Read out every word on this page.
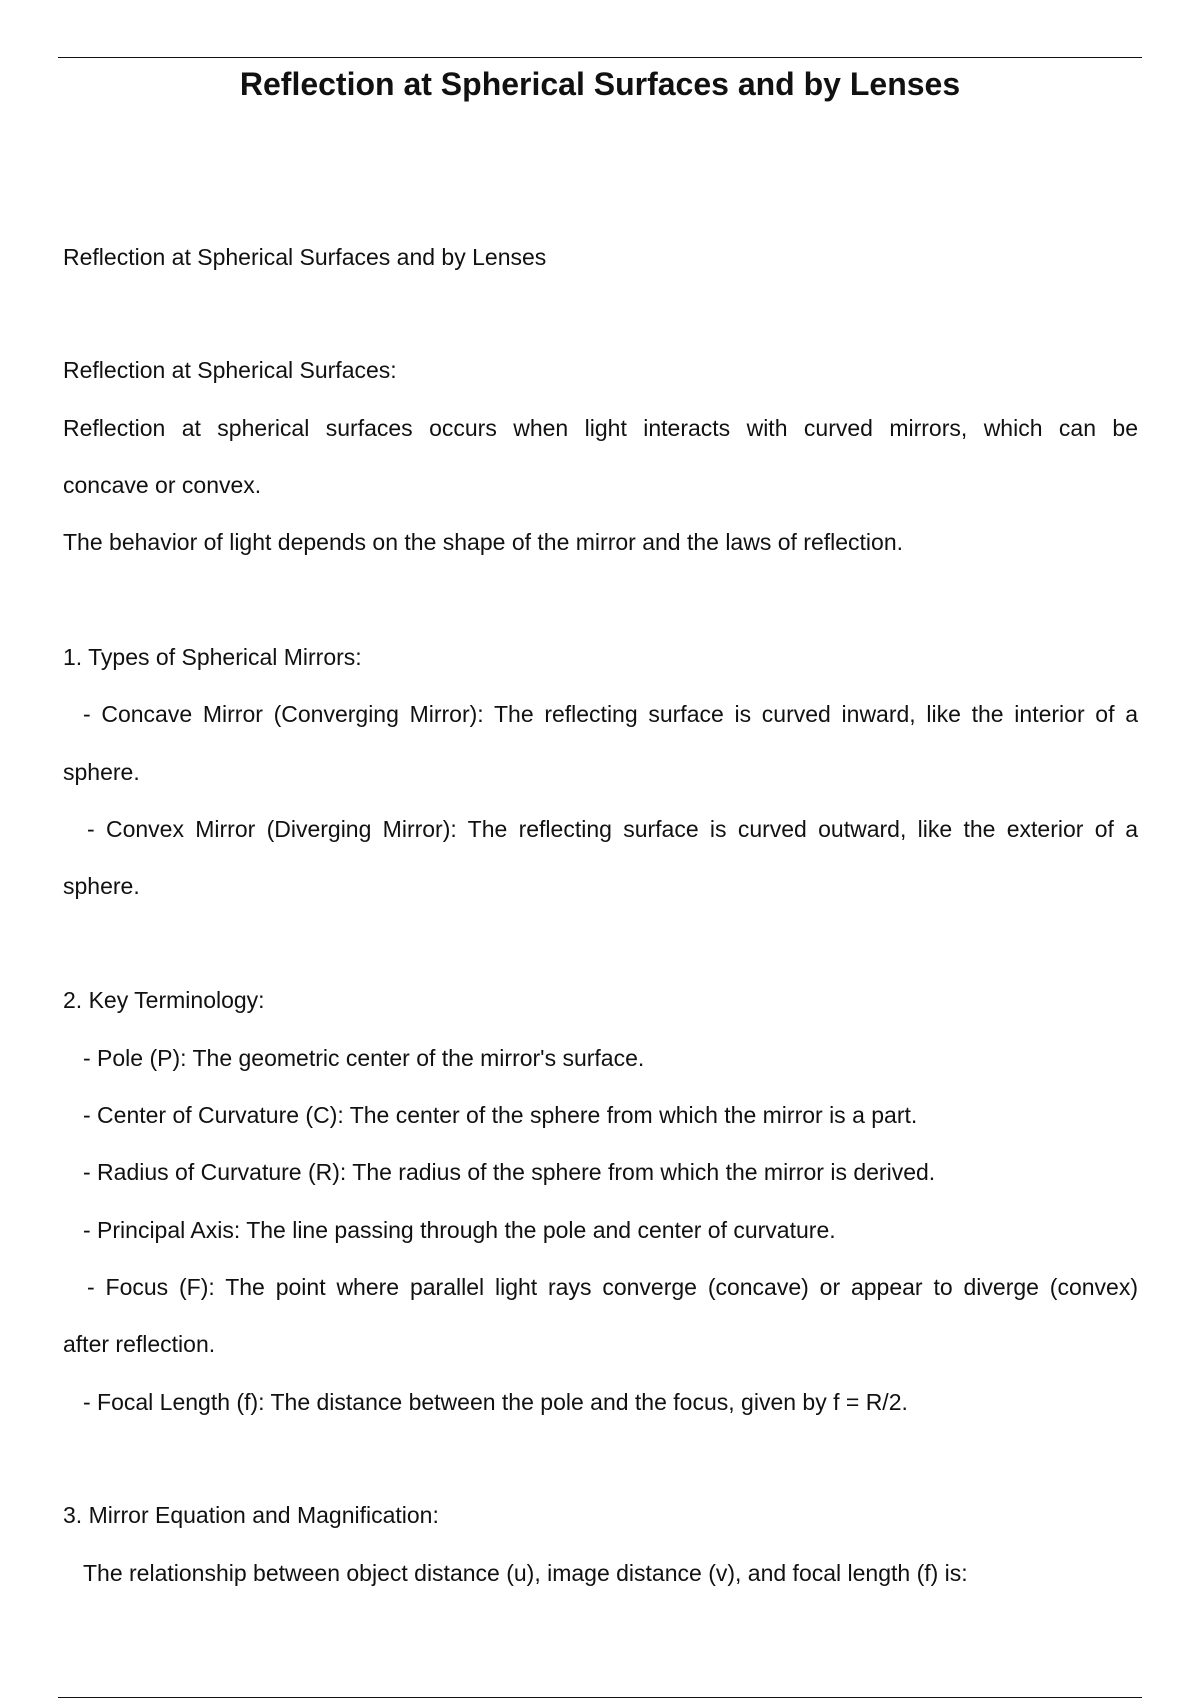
Reflection at Spherical Surfaces and by Lenses

Reflection at Spherical Surfaces and by Lenses

Reflection at Spherical Surfaces:

Reflection at spherical surfaces occurs when light interacts with curved mirrors, which can be

concave or convex.

The behavior of light depends on the shape of the mirror and the laws of reflection.

1. Types of Spherical Mirrors:

- Concave Mirror (Converging Mirror): The reflecting surface is curved inward, like the interior of a

sphere.

- Convex Mirror (Diverging Mirror): The reflecting surface is curved outward, like the exterior of a

sphere.

2. Key Terminology:

- Pole (P): The geometric center of the mirror's surface.

- Center of Curvature (C): The center of the sphere from which the mirror is a part.

- Radius of Curvature (R): The radius of the sphere from which the mirror is derived.

- Principal Axis: The line passing through the pole and center of curvature.

- Focus (F): The point where parallel light rays converge (concave) or appear to diverge (convex)

after reflection.

- Focal Length (f): The distance between the pole and the focus, given by f = R/2.

3. Mirror Equation and Magnification:

The relationship between object distance (u), image distance (v), and focal length (f) is:
